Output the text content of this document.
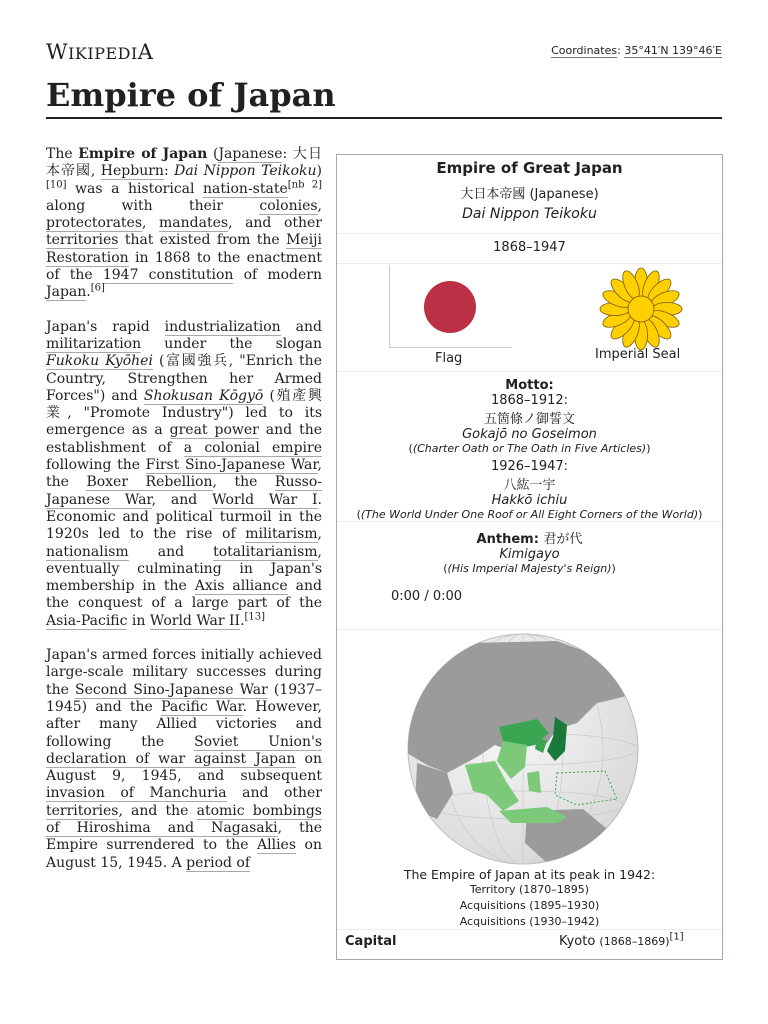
WIKIPEDIA	Coordinates: 35°41′N 139°46′E
Empire of Japan

The Empire of Japan (Japanese: 大日本帝國, Hepburn: Dai Nippon Teikoku)[10] was a historical nation-state[nb 2] along with their colonies, protectorates, mandates, and other territories that existed from the Meiji Restoration in 1868 to the enactment of the 1947 constitution of modern Japan.[6]

Japan's rapid industrialization and militarization under the slogan Fukoku Kyōhei (富國強兵, "Enrich the Country, Strengthen her Armed Forces") and Shokusan Kōgyō (殖產興業, "Promote Industry") led to its emergence as a great power and the establishment of a colonial empire following the First Sino-Japanese War, the Boxer Rebellion, the Russo-Japanese War, and World War I. Economic and political turmoil in the 1920s led to the rise of militarism, nationalism and totalitarianism, eventually culminating in Japan's membership in the Axis alliance and the conquest of a large part of the Asia-Pacific in World War II.[13]

Japan's armed forces initially achieved large-scale military successes during the Second Sino-Japanese War (1937–1945) and the Pacific War. However, after many Allied victories and following the Soviet Union's declaration of war against Japan on August 9, 1945, and subsequent invasion of Manchuria and other territories, and the atomic bombings of Hiroshima and Nagasaki, the Empire surrendered to the Allies on August 15, 1945. A period of

Empire of Great Japan
大日本帝國 (Japanese)
Dai Nippon Teikoku
1868–1947
Flag	Imperial Seal
Motto:
1868–1912:
五箇條ノ御誓文
Gokajō no Goseimon
((Charter Oath or The Oath in Five Articles))
1926–1947:
八紘一宇
Hakkō ichiu
((The World Under One Roof or All Eight Corners of the World))
Anthem: 君が代
Kimigayo
((His Imperial Majesty's Reign))
0:00 / 0:00
The Empire of Japan at its peak in 1942:
Territory (1870–1895)
Acquisitions (1895–1930)
Acquisitions (1930–1942)
Capital	Kyoto (1868–1869)[1]
